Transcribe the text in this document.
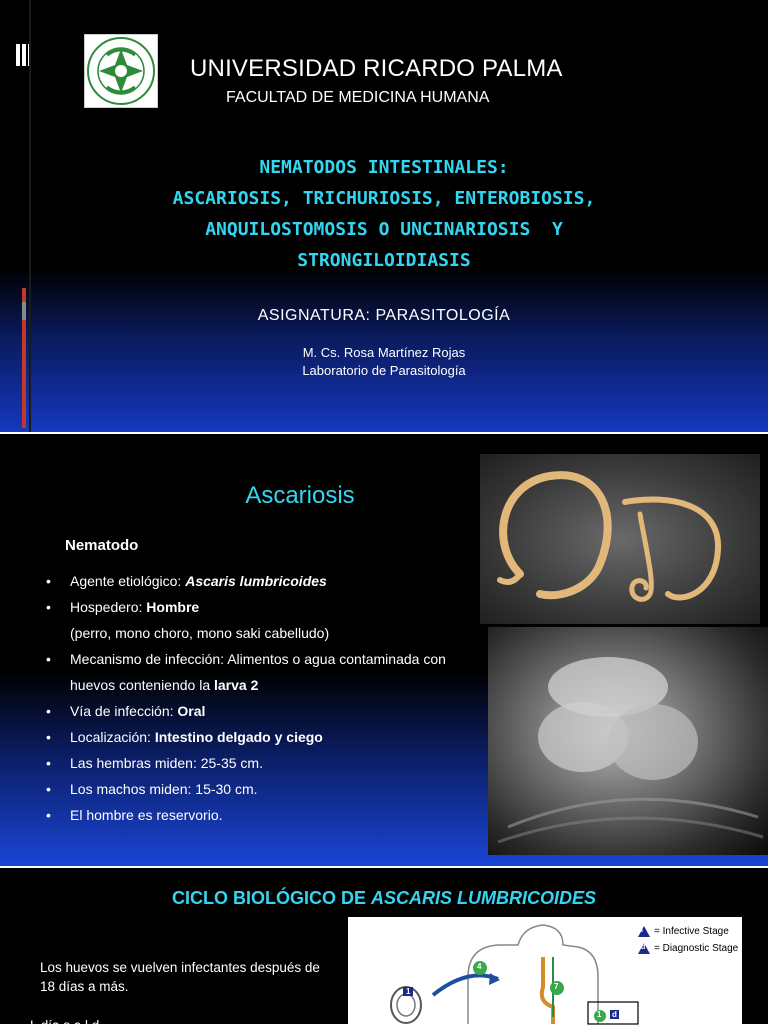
UNIVERSIDAD RICARDO PALMA
FACULTAD DE MEDICINA HUMANA
NEMATODOS INTESTINALES:
ASCARIOSIS, TRICHURIOSIS, ENTEROBIOSIS,
ANQUILOSTOMOSIS O UNCINARIOSIS  Y
STRONGILOIDIASIS
ASIGNATURA: PARASITOLOGÍA
M. Cs. Rosa Martínez Rojas
Laboratorio de Parasitología
Ascariosis
Nematodo
• Agente etiológico: Ascaris lumbricoides
• Hospedero: Hombre
(perro, mono choro, mono saki cabelludo)
• Mecanismo de infección: Alimentos o agua contaminada con
huevos conteniendo la larva 2
• Vía de infección: Oral
• Localización: Intestino delgado y ciego
• Las hembras miden: 25-35 cm.
• Los machos miden: 15-30 cm.
• El hombre es reservorio.
CICLO BIOLÓGICO DE ASCARIS LUMBRICOIDES
Los huevos se vuelven infectantes después de 18 días a más.
L día s a l d
4
7
1
1 d
i = Infective Stage
d = Diagnostic Stage
